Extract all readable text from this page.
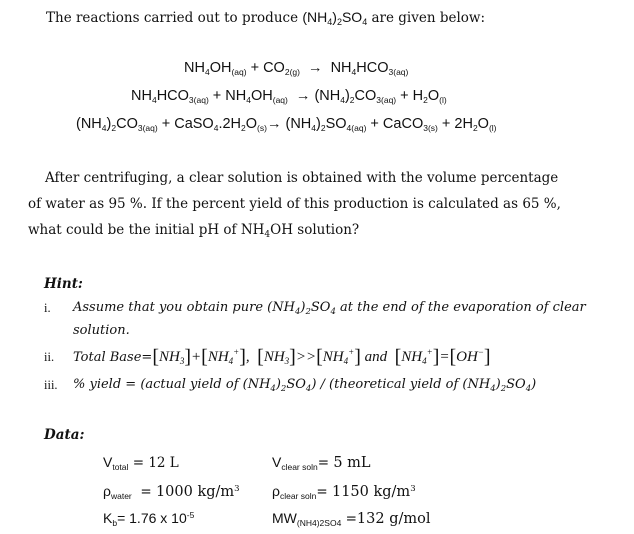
The reactions carried out to produce $(NH_4)_2SO_4$ are given below:
$NH_4OH_{(aq)} + CO_{2(g)} \to NH_4HCO_{3(aq)}$
$NH_4HCO_{3(aq)} + NH_4OH_{(aq)} \to (NH_4)_2CO_{3(aq)} + H_2O_{(l)}$
$(NH_4)_2CO_{3(aq)}$ + $CaSO_4.2H_2O_{(s)}\to (NH_4)_2SO_{4(aq)}$ + CaCO$_{3(s)}$ + $2H_2O_{(l)}$
After centrifuging, a clear solution is obtained with the volume percentage
of water as 95 %. If the percent yield of this production is calculated as 65 %,
what could be the initial pH of $NH_4OH$ solution?
Hint:
i. Assume that you obtain pure $(NH_4)_2SO_4$ at the end of the evaporation of clear
solution.
ii. Total $Base=[NH_3]+[NH_4^+]$,  $[NH_3]>>[NH_4^+]$ and  $[NH_4^+]=[OH^-]$
iii. % yield = (actual yield of $(NH_4)_2SO_4$) / (theoretical yield of $(NH_4)_2SO_4$)
Data:
$V_{total} = 12$ L	$V_{clear soln}= 5$ mL
$\rho_{water} = 1000$ $kg/m^3$ $\rho_{clear soln}= 1150$ $kg/m^3$
$K_b= 1.76$ x $10^{-5}$	$MW_{(NH4)2SO4} =132$ g/mol
